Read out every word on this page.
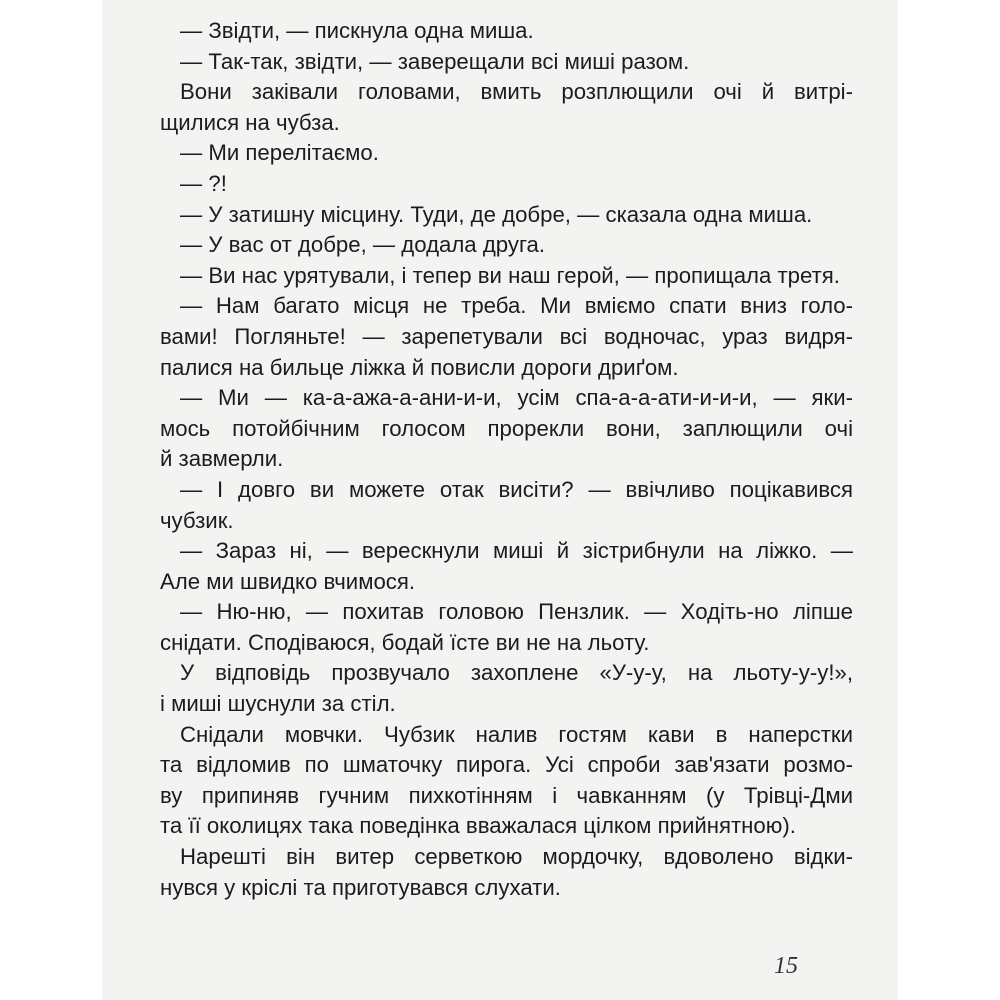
— Звідти, — пискнула одна миша.
— Так-так, звідти, — заверещали всі миші разом.
Вони заківали головами, вмить розплющили очі й витрі-
щилися на чубза.
— Ми перелітаємо.
— ?!
— У затишну місцину. Туди, де добре, — сказала одна миша.
— У вас от добре, — додала друга.
— Ви нас урятували, і тепер ви наш герой, — пропищала третя.
— Нам багато місця не треба. Ми вміємо спати вниз голо-
вами! Погляньте! — зарепетували всі водночас, ураз видря-
палися на бильце ліжка й повисли дороги дриґом.
— Ми — ка-а-ажа-а-ани-и-и, усім спа-а-а-ати-и-и-и, — яки-
мось потойбічним голосом прорекли вони, заплющили очі
й завмерли.
— І довго ви можете отак висіти? — ввічливо поцікавився
чубзик.
— Зараз ні, — верескнули миші й зістрибнули на ліжко. —
Але ми швидко вчимося.
— Ню-ню, — похитав головою Пензлик. — Ходіть-но ліпше
снідати. Сподіваюся, бодай їсте ви не на льоту.
У відповідь прозвучало захоплене «У-у-у, на льоту-у-у!»,
і миші шуснули за стіл.
Снідали мовчки. Чубзик налив гостям кави в наперстки
та відломив по шматочку пирога. Усі спроби зав'язати розмо-
ву припиняв гучним пихкотінням і чавканням (у Трівці-Дми
та її околицях така поведінка вважалася цілком прийнятною).
Нарешті він витер серветкою мордочку, вдоволено відки-
нувся у кріслі та приготувався слухати.
15
